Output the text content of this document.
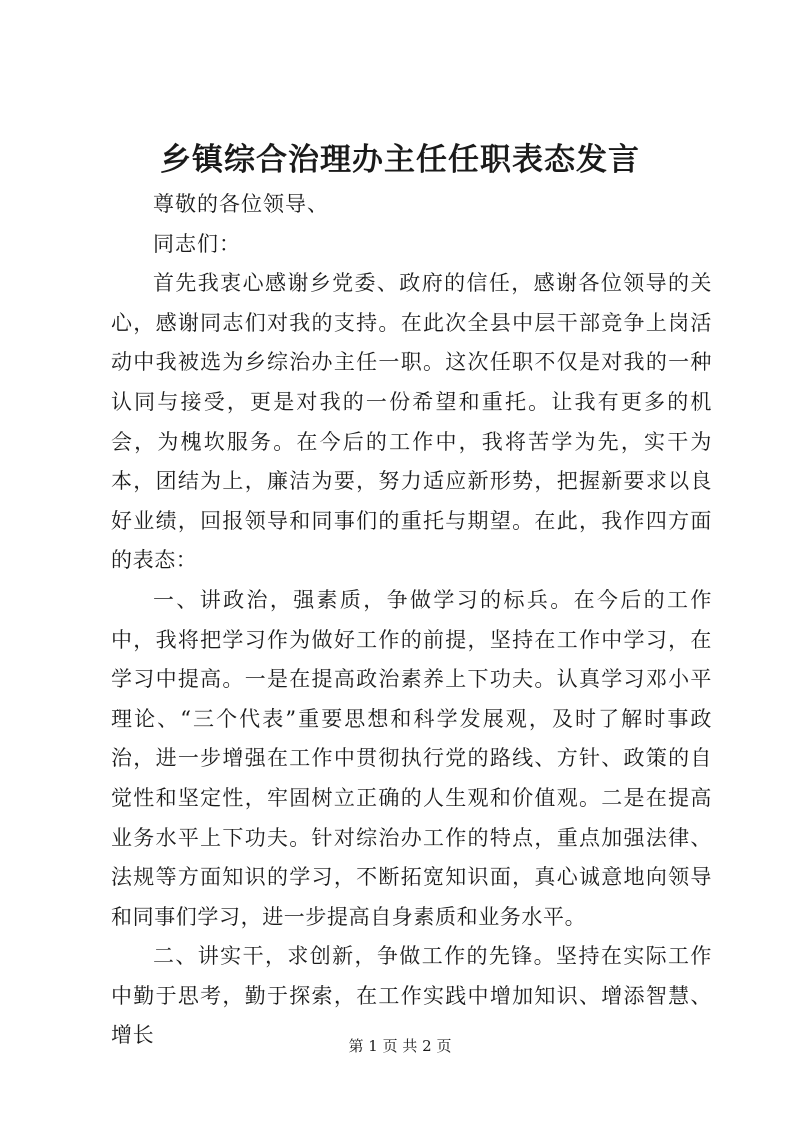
乡镇综合治理办主任任职表态发言

尊敬的各位领导、

同志们：

首先我衷心感谢乡党委、政府的信任，感谢各位领导的关心，感谢同志们对我的支持。在此次全县中层干部竞争上岗活动中我被选为乡综治办主任一职。这次任职不仅是对我的一种认同与接受，更是对我的一份希望和重托。让我有更多的机会，为槐坎服务。在今后的工作中，我将苦学为先，实干为本，团结为上，廉洁为要，努力适应新形势，把握新要求以良好业绩，回报领导和同事们的重托与期望。在此，我作四方面的表态：

一、讲政治，强素质，争做学习的标兵。在今后的工作中，我将把学习作为做好工作的前提，坚持在工作中学习，在学习中提高。一是在提高政治素养上下功夫。认真学习邓小平理论、“三个代表”重要思想和科学发展观，及时了解时事政治，进一步增强在工作中贯彻执行党的路线、方针、政策的自觉性和坚定性，牢固树立正确的人生观和价值观。二是在提高业务水平上下功夫。针对综治办工作的特点，重点加强法律、法规等方面知识的学习，不断拓宽知识面，真心诚意地向领导和同事们学习，进一步提高自身素质和业务水平。

二、讲实干，求创新，争做工作的先锋。坚持在实际工作中勤于思考，勤于探索，在工作实践中增加知识、增添智慧、增长	第 1 页 共 2 页
